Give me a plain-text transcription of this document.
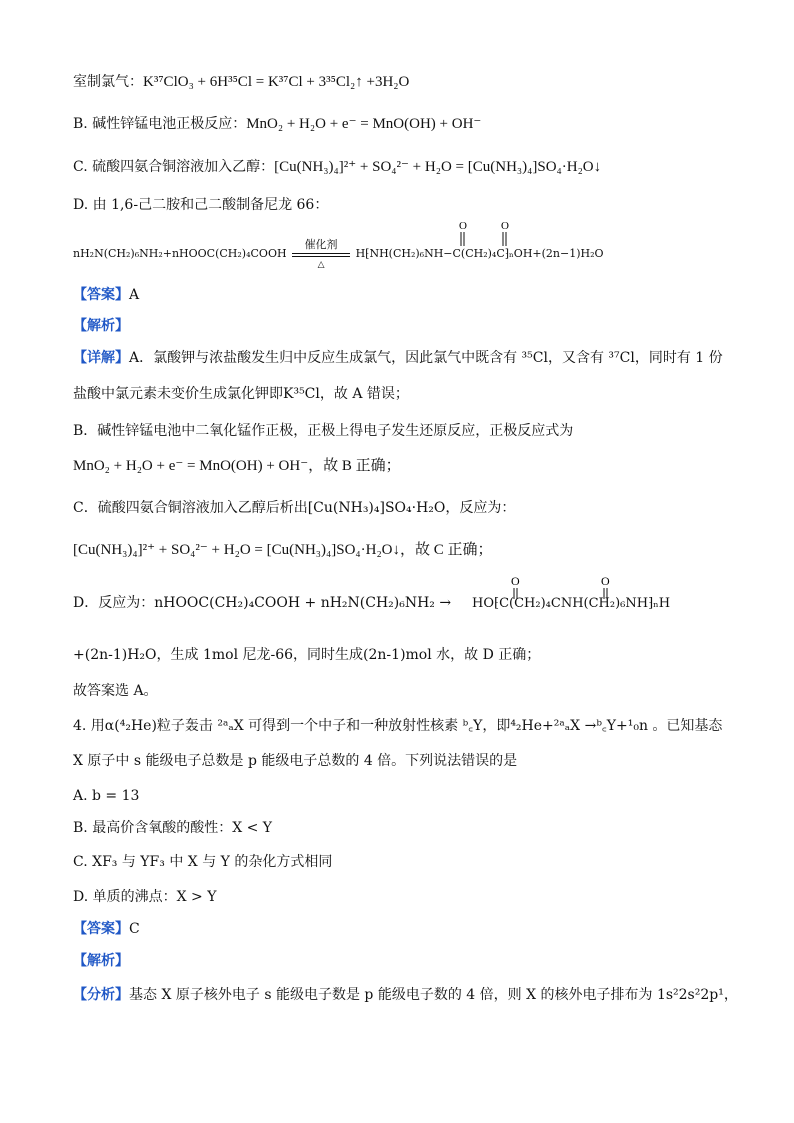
室制氯气：K³⁷ClO₃ + 6H³⁵Cl = K³⁷Cl + 3³⁵Cl₂↑ +3H₂O
B. 碱性锌锰电池正极反应：MnO₂ + H₂O + e⁻ = MnO(OH) + OH⁻
C. 硫酸四氨合铜溶液加入乙醇：[Cu(NH₃)₄]²⁺ + SO₄²⁻ + H₂O = [Cu(NH₃)₄]SO₄·H₂O↓
D. 由 1,6-己二胺和己二酸制备尼龙 66：
nH₂N(CH₂)₆NH₂+nHOOC(CH₂)₄COOH 催化剂
△
H⁅NH(CH₂)₆NH−C(CH₂)₄C⁆ₙOH+(2n−1)H₂O
O	O
【答案】A
【解析】
【详解】A．氯酸钾与浓盐酸发生归中反应生成氯气，因此氯气中既含有 ³⁵Cl，又含有 ³⁷Cl，同时有 1 份
盐酸中氯元素未变价生成氯化钾即K³⁵Cl，故 A 错误；
B．碱性锌锰电池中二氧化锰作正极，正极上得电子发生还原反应，正极反应式为
MnO₂ + H₂O + e⁻ = MnO(OH) + OH⁻，故 B 正确；
C．硫酸四氨合铜溶液加入乙醇后析出[Cu(NH₃)₄]SO₄·H₂O，反应为：
[Cu(NH₃)₄]²⁺ + SO₄²⁻ + H₂O = [Cu(NH₃)₄]SO₄·H₂O↓，故 C 正确；
D．反应为：nHOOC(CH₂)₄COOH + nH₂N(CH₂)₆NH₂ → HO⁅C(CH₂)₄CNH(CH₂)₆NH⁆ₙH
O	O
+(2n-1)H₂O，生成 1mol 尼龙-66，同时生成(2n-1)mol 水，故 D 正确；
故答案选 A。
4. 用α(⁴₂He)粒子轰击 ²ᵃₐX 可得到一个中子和一种放射性核素 ᵇ꜀Y，即⁴₂He+²ᵃₐX →ᵇ꜀Y+¹₀n 。已知基态
X 原子中 s 能级电子总数是 p 能级电子总数的 4 倍。下列说法错误的是
A. b = 13
B. 最高价含氧酸的酸性：X < Y
C. XF₃ 与 YF₃ 中 X 与 Y 的杂化方式相同
D. 单质的沸点：X > Y
【答案】C
【解析】
【分析】基态 X 原子核外电子 s 能级电子数是 p 能级电子数的 4 倍，则 X 的核外电子排布为 1s²2s²2p¹，
